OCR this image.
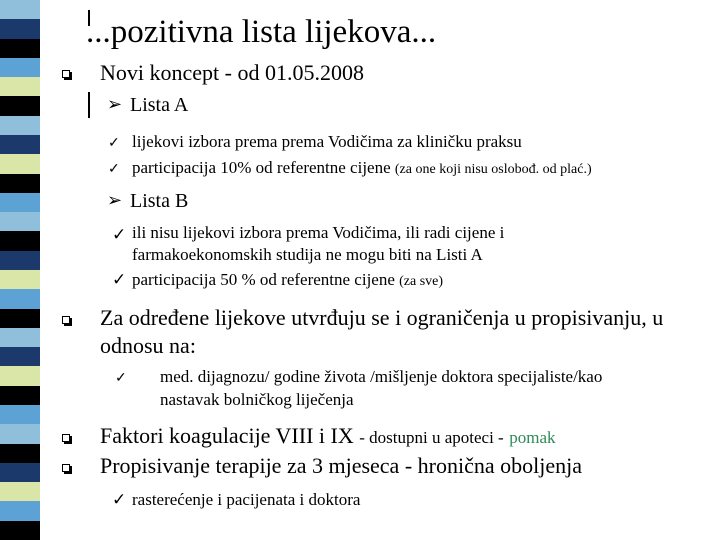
...pozitivna lista lijekova...
Novi koncept - od 01.05.2008
➢ Lista A
✓ lijekovi izbora prema prema Vodičima za kliničku praksu
✓ participacija 10% od referentne cijene (za one koji nisu oslobođ. od plać.)
➢ Lista B
✓ ili nisu lijekovi izbora prema Vodičima, ili radi cijene i
farmakoekonomskih studija ne mogu biti na Listi A
✓ participacija 50 % od referentne cijene (za sve)
Za određene lijekove utvrđuju se i ograničenja u propisivanju, u
odnosu na:
✓ med. dijagnozu/ godine života /mišljenje doktora specijaliste/kao
nastavak bolničkog liječenja
Faktori koagulacije VIII i IX - dostupni u apoteci - pomak
Propisivanje terapije za 3 mjeseca - hronična oboljenja
✓ rasterećenje i pacijenata i doktora
